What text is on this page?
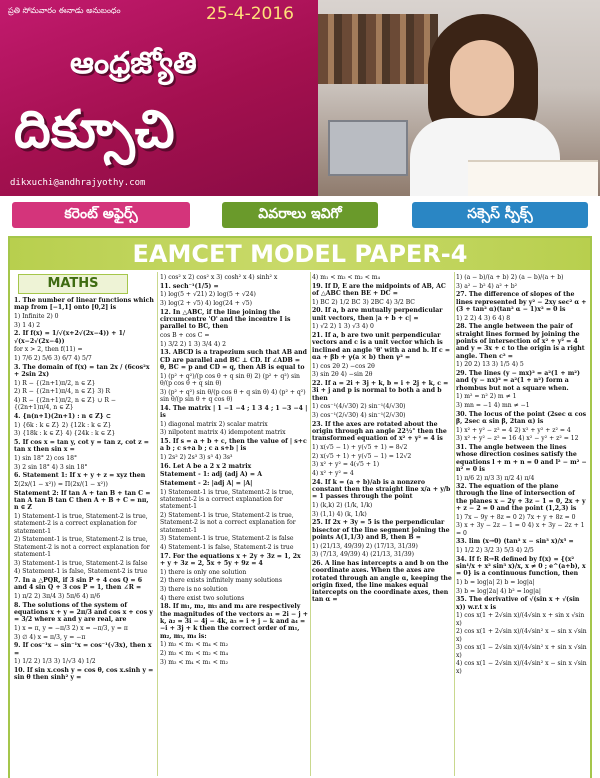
ప్రతి సోమవారం ఈనాడు అనుబంధం	25-4-2016
ఆంధ్రజ్యోతి
దిక్సూచి
dikxuchi@andhrajyothy.com
కరెంట్ అఫైర్స్	వివరాలు ఇవిగో	సక్సెస్ స్పీక్స్
EAMCET MODEL PAPER-4
MATHS
1. The number of linear functions which map from [−1,1] onto [0,2] is
1) Infinite 2) 0
3) 1 4) 2
2. If f(x) = 1/√(x+2√(2x−4)) + 1/√(x−2√(2x−4))
for x > 2, then f(11) =
1) 7/6 2) 5/6 3) 6/7 4) 5/7
3. The domain of f(x) = tan 2x / (6cos²x + 2sin 2x)
1) R − {(2n+1)π/2, n ∈ Z}
2) R − {(2n+1)π/4, n ∈ Z} 3) R
4) R − {(2n+1)π/2, n ∈ Z} ∪ R − {(2n+1)π/4, n ∈ Z}
4. {n(n+1)(2n+1) : n ∈ Z} ⊂
1) {6k : k ∈ Z} 2) {12k : k ∈ Z}
3) {18k : k ∈ Z} 4) {24k : k ∈ Z}
5. If cos x = tan y, cot y = tan z, cot z = tan x then sin x =
1) sin 18° 2) cos 18°
3) 2 sin 18° 4) 3 sin 18°
6. Statement 1: If x + y + z = xyz then
Σ(2x/(1 − x²)) = Π(2x/(1 − x²))
Statement 2: If tan A + tan B + tan C = tan A tan B tan C then A + B + C = nπ, n ∈ Z
1) Statement-1 is true, Statement-2 is true, statement-2 is a correct explanation for statement-1
2) Statement-1 is true, Statement-2 is true, Statement-2 is not a correct explanation for statement-1
3) Statement-1 is true, Statement-2 is false
4) Statement-1 is false, Statement-2 is true
7. In a △PQR, if 3 sin P + 4 cos Q = 6 and 4 sin Q + 3 cos P = 1, then ∠R =
1) π/2 2) 3π/4 3) 5π/6 4) π/6
8. The solutions of the system of equations x + y = 2π/3 and cos x + cos y = 3/2 where x and y are real, are
1) x = π, y = −π/3 2) x = −π/3, y = π
3) ∅ 4) x = π/3, y = −π
9. If cos⁻¹x − sin⁻¹x = cos⁻¹(√3x), then x =
1) 1/2 2) 1/3 3) 1/√3 4) 1/2
10. If sin x.cosh y = cos θ, cos x.sinh y = sin θ then sinh² y =
1) cos² x 2) cos² x 3) cosh² x 4) sinh² x
11. sech⁻¹(1/5) =
1) log(5 + √21) 2) log(5 + √24)
3) log(2 + √5) 4) log(24 + √5)
12. In △ABC, if the line joining the circumcentre 'O' and the incentre I is parallel to BC, then
cos B + cos C =
1) 3/2 2) 1 3) 3/4 4) 2
13. ABCD is a trapezium such that AB and CD are parallel and BC ⊥ CD. If ∠ADB = θ, BC = p and CD = q, then AB is equal to
1) (p² + q²)/(p cos θ + q sin θ) 2) (p² + q²) sin θ/(p cos θ + q sin θ)
3) (p² + q²) sin θ/(p cos θ + q sin θ) 4) (p² + q²) sin θ/(p sin θ + q cos θ)
14. The matrix | 1 −1 −4 ; 1 3 4 ; 1 −3 −4 | is
1) diagonal matrix 2) scalar matrix
3) nilpotent matrix 4) idempotent matrix
15. If s = a + b + c, then the value of | s+c a b ; c s+a b ; c a s+b | is
1) 2s² 2) 2s³ 3) s³ 4) 3s³
16. Let A be a 2 x 2 matrix
Statement - 1: adj (adj A) = A
Statement - 2: |adj A| = |A|
1) Statement-1 is true, Statement-2 is true, statement-2 is a correct explanation for statement-1
2) Statement-1 is true, Statement-2 is true, Statement-2 is not a correct explanation for statement-1
3) Statement-1 is true, Statement-2 is false
4) Statement-1 is false, Statement-2 is true
17. For the equations x + 2y + 3z = 1, 2x + y + 3z = 2, 5x + 5y + 9z = 4
1) there is only one solution
2) there exists infinitely many solutions
3) there is no solution
4) there exist two solutions
18. If m₁, m₂, m₃ and m₄ are respectively the magnitudes of the vectors a₁ = 2i − j + k, a₂ = 3i − 4j − 4k, a₃ = i + j − k and a₄ = −i + 3j + k then the correct order of m₁, m₂, m₃, m₄ is:
1) m₃ < m₁ < m₄ < m₂
2) m₃ < m₁ < m₂ < m₄
3) m₃ < m₄ < m₁ < m₂
4) m₁ < m₃ < m₂ < m₄
19. If D, E are the midpoints of AB, AC of △ABC then BE + DC =
1) BC 2) 1/2 BC 3) 2BC 4) 3/2 BC
20. If a, b are mutually perpendicular unit vectors, then |a + b + c| =
1) √2 2) 1 3) √3 4) 0
21. If a, b are two unit perpendicular vectors and c is a unit vector which is inclined an angle 'θ' with a and b. If c = αa + βb + γ(a × b) then γ² =
1) cos 2θ 2) −cos 2θ
3) sin 2θ 4) −sin 2θ
22. If a = 2i + 3j + k, b = i + 2j + k, c = 3i + j and p is normal to both a and b then
1) cos⁻¹(4/√30) 2) sin⁻¹(4/√30)
3) cos⁻¹(2/√30) 4) sin⁻¹(2/√30)
23. If the axes are rotated about the origin through an angle 22½° then the transformed equation of x² + y² = 4 is
1) x(√5 − 1) + y(√5 + 1) = 8√2
2) x(√5 + 1) + y(√5 − 1) = 12√2
3) x² + y² = 4(√5 + 1)
4) x² + y² = 4
24. If k = (a + b)/ab is a nonzero constant then the straight line x/a + y/b = 1 passes through the point
1) (k,k) 2) (1/k, 1/k)
3) (1,1) 4) (k, 1/k)
25. If 2x + 3y = 5 is the perpendicular bisector of the line segment joining the points A(1,1/3) and B, then B =
1) (21/13, 49/39) 2) (17/13, 31/39)
3) (7/13, 49/39) 4) (21/13, 31/39)
26. A line has intercepts a and b on the coordinate axes. When the axes are rotated through an angle α, keeping the origin fixed, the line makes equal intercepts on the coordinate axes, then tan α =
1) (a − b)/(a + b) 2) (a − b)/(a + b)
3) a² − b² 4) a² + b²
27. The difference of slopes of the lines represented by y² − 2xy sec² α + (3 + tan² α)(tan² α − 1)x² = 0 is
1) 2 2) 4 3) 6 4) 8
28. The angle between the pair of straight lines formed by joining the points of intersection of x² + y² = 4 and y = 3x + c to the origin is a right angle. Then c² =
1) 20 2) 13 3) 1/5 4) 5
29. The lines (y − mx)² = a²(1 + m²) and (y − nx)² = a²(1 + n²) form a rhombus but not a square when.
1) m² = n² 2) m ≠ 1
3) mn = −1 4) mn ≠ −1
30. The locus of the point (2sec α cos β, 2sec α sin β, 2tan α) is
1) x² + y² − z² = 4 2) x² + y² + z² = 4
3) x² + y² − z² = 16 4) x² − y² + z² = 12
31. The angle between the lines whose direction cosines satisfy the equations l + m + n = 0 and l² − m² − n² = 0 is
1) π/6 2) π/3 3) π/2 4) π/4
32. The equation of the plane through the line of intersection of the planes x − 2y + 3z − 1 = 0, 2x + y + z − 2 = 0 and the point (1,2,3) is
1) 7x − 9y + 8z = 0 2) 7x + y + 8z = 0
3) x + 3y − 2z − 1 = 0 4) x + 3y − 2z + 1 = 0
33. lim (x→0) (tan³ x − sin³ x)/x⁵ =
1) 1/2 2) 3/2 3) 5/3 4) 2/5
34. If f: R→R defined by f(x) = {(x² sin¹/x + x² sin³ x)/x, x ≠ 0 ; e^(a+b), x = 0} is a continuous function, then
1) b = log|a| 2) b = log|a|
3) b = log|2a| 4) b² = log|a|
35. The derivative of √(sin x + √(sin x)) w.r.t x is
1) cos x(1 + 2√sin x)/(4√sin x + sin x √sin x)
2) cos x(1 + 2√sin x)/(4√sin² x − sin x √sin x)
3) cos x(1 − 2√sin x)/(4√sin² x + sin x √sin x)
4) cos x(1 − 2√sin x)/(4√sin² x − sin x √sin x)
